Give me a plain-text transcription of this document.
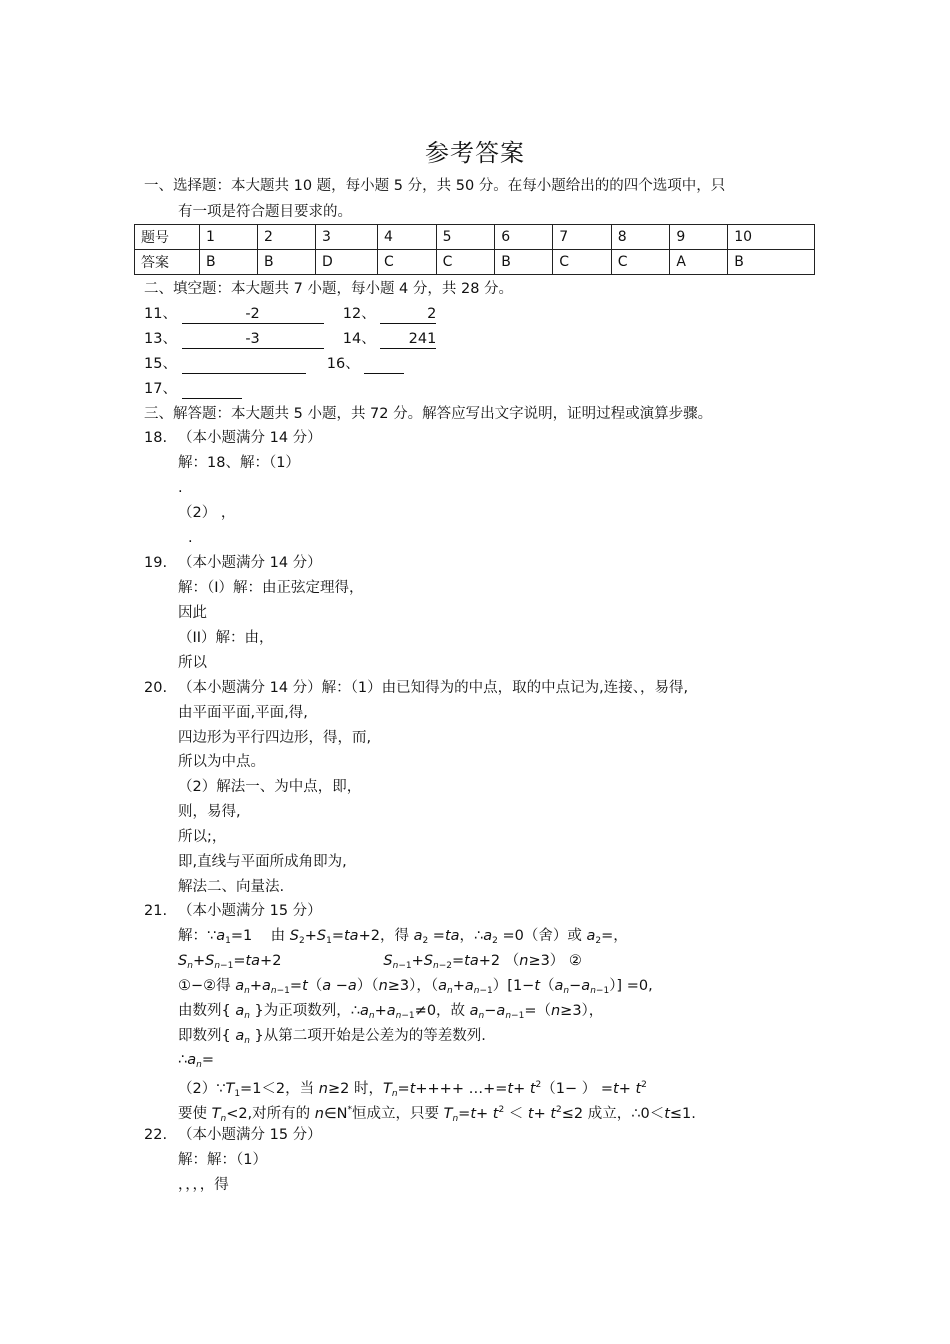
参考答案
一、选择题：本大题共 10 题，每小题 5 分，共 50 分。在每小题给出的的四个选项中，只
有一项是符合题目要求的。
题号	1	2	3	4	5	6	7	8	9	10
答案	B	B	D	C	C	B	C	C	A	B
二、填空题：本大题共 7 小题，每小题 4 分，共 28 分。
11、	-2	12、	2
13、	-3	14、 241
15、	16、
17、
三、解答题：本大题共 5 小题，共 72 分。解答应写出文字说明，证明过程或演算步骤。
18. （本小题满分 14 分）
解：18、解：（1）
.
（2） ，
.
19. （本小题满分 14 分）
解：（I）解：由正弦定理得，
因此
（II）解：由，
所以
20. （本小题满分 14 分）解：（1）由已知得为的中点，取的中点记为,连接、，易得,
由平面平面,平面,得,
四边形为平行四边形，得，而,
所以为中点。
（2）解法一、为中点，即，
则，易得,
所以;，
即,直线与平面所成角即为,
解法二、向量法.
21. （本小题满分 15 分）
解：$\because a_1=1$    由 $S_2+S_1=ta+2$，得 $a_2 =ta$，$\therefore a_2 =0$（舍）或 $a_2=$，
$S_n+S_{n-1}=ta+2$	$S_{n-1}+S_{n-2}=ta+2$ （n≥3） ②
①−②得 $a_n+a_{n-1}=t(a -a)(n\ge 3)$，$(a_n+a_{n-1})[1-t(a_n-a_{n-1})] =0$,
由数列{ $a_n$ }为正项数列，$\therefore a_n+a_{n-1}\ne 0$，故 $a_n-a_{n-1}=(n\ge 3)$，
即数列{ $a_n$ }从第二项开始是公差为的等差数列.
$\therefore a_n=$
$(2)\because T_1=1<2$，当 n≥2 时，$T_n=t++++$ …+=t+ $t^2(1-$ ） $=t+ t^2$
要使 $T_n<2$,对所有的 n∈N*恒成立，只要 $T_n=t+ t^2 < t+ t^2\le 2$ 成立，∴0＜t≤1.
22. （本小题满分 15 分）
解：解：（1）
，，，，得
